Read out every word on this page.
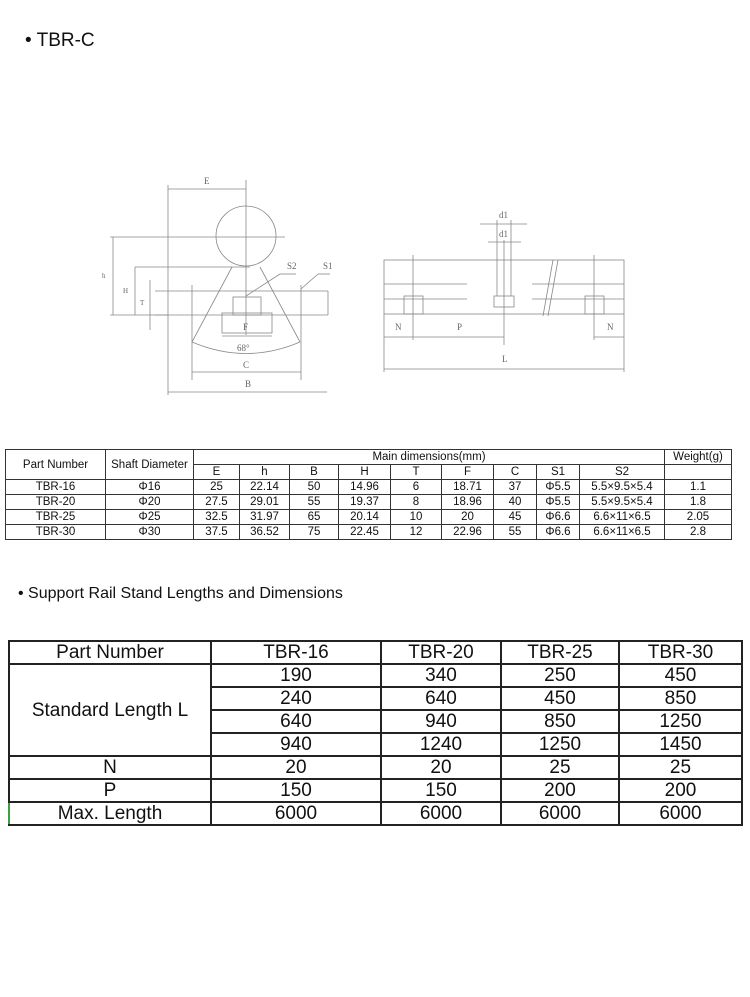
• TBR-C
E
h
H
T
F
68°
C
B
S2	S1
d1
d1
N	P	N
L
Part Number	Shaft Diameter	Main dimensions(mm)									Weight(g)
		E	h	B	H	T	F	C	S1	S2	
TBR-16	Φ16	25	22.14	50	14.96	6	18.71	37	Φ5.5	5.5×9.5×5.4	1.1
TBR-20	Φ20	27.5	29.01	55	19.37	8	18.96	40	Φ5.5	5.5×9.5×5.4	1.8
TBR-25	Φ25	32.5	31.97	65	20.14	10	20	45	Φ6.6	6.6×11×6.5	2.05
TBR-30	Φ30	37.5	36.52	75	22.45	12	22.96	55	Φ6.6	6.6×11×6.5	2.8
• Support Rail Stand Lengths and Dimensions
Part Number	TBR-16	TBR-20	TBR-25	TBR-30
Standard Length L	190	340	250	450
	240	640	450	850
	640	940	850	1250
	940	1240	1250	1450
N	20	20	25	25
P	150	150	200	200
Max. Length	6000	6000	6000	6000
